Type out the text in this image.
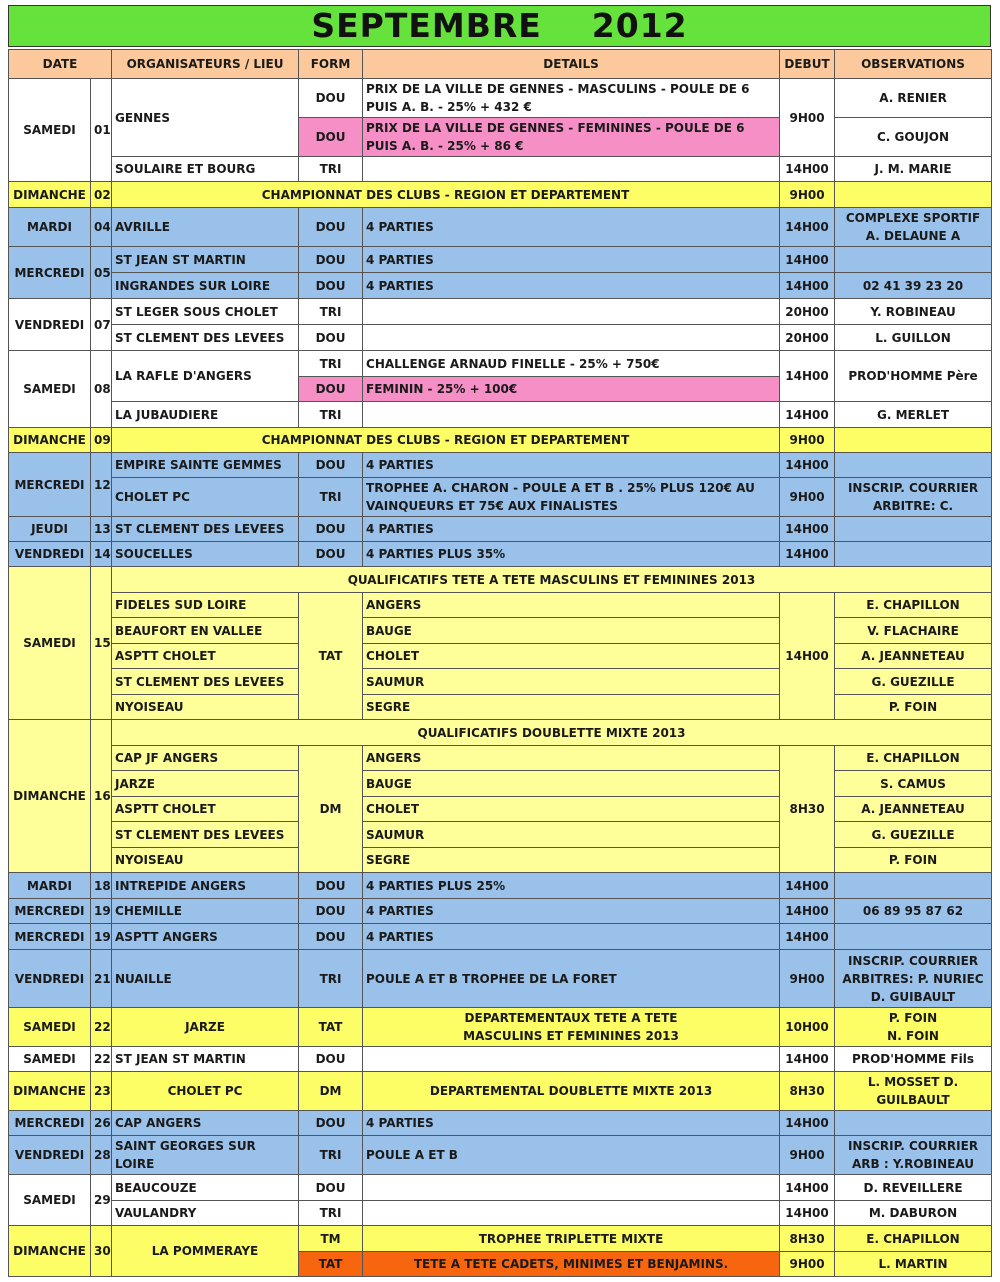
SEPTEMBRE 2012
DATE		ORGANISATEURS / LIEU	FORM	DETAILS	DEBUT	OBSERVATIONS
SAMEDI	01	GENNES	DOU	PRIX DE LA VILLE DE GENNES - MASCULINS - POULE DE 6 PUIS A. B. - 25% + 432 €	9H00	A. RENIER
			DOU	PRIX DE LA VILLE DE GENNES - FEMININES - POULE DE 6 PUIS A. B. - 25% + 86 €		C. GOUJON
		SOULAIRE ET BOURG	TRI		14H00	J. M. MARIE
DIMANCHE	02	CHAMPIONNAT DES CLUBS - REGION ET DEPARTEMENT			9H00	
MARDI	04	AVRILLE	DOU	4 PARTIES	14H00	COMPLEXE SPORTIF A. DELAUNE A
MERCREDI	05	ST JEAN ST MARTIN	DOU	4 PARTIES	14H00	
		INGRANDES SUR LOIRE	DOU	4 PARTIES	14H00	02 41 39 23 20
VENDREDI	07	ST LEGER SOUS CHOLET	TRI		20H00	Y. ROBINEAU
		ST CLEMENT DES LEVEES	DOU		20H00	L. GUILLON
SAMEDI	08	LA RAFLE D'ANGERS	TRI	CHALLENGE ARNAUD FINELLE - 25% + 750€	14H00	PROD'HOMME Père
			DOU	FEMININ - 25% + 100€		
		LA JUBAUDIERE	TRI		14H00	G. MERLET
DIMANCHE	09	CHAMPIONNAT DES CLUBS - REGION ET DEPARTEMENT			9H00	
MERCREDI	12	EMPIRE SAINTE GEMMES	DOU	4 PARTIES	14H00	
		CHOLET PC	TRI	TROPHEE A. CHARON - POULE A ET B . 25% PLUS 120€ AU VAINQUEURS ET 75€ AUX FINALISTES	9H00	INSCRIP. COURRIER ARBITRE: C.
JEUDI	13	ST CLEMENT DES LEVEES	DOU	4 PARTIES	14H00	
VENDREDI	14	SOUCELLES	DOU	4 PARTIES PLUS 35%	14H00	
SAMEDI	15	QUALIFICATIFS TETE A TETE MASCULINS ET FEMININES 2013				
		FIDELES SUD LOIRE	TAT	ANGERS	14H00	E. CHAPILLON
		BEAUFORT EN VALLEE		BAUGE		V. FLACHAIRE
		ASPTT CHOLET		CHOLET		A. JEANNETEAU
		ST CLEMENT DES LEVEES		SAUMUR		G. GUEZILLE
		NYOISEAU		SEGRE		P. FOIN
DIMANCHE	16	QUALIFICATIFS DOUBLETTE MIXTE 2013				
		CAP JF ANGERS	DM	ANGERS	8H30	E. CHAPILLON
		JARZE		BAUGE		S. CAMUS
		ASPTT CHOLET		CHOLET		A. JEANNETEAU
		ST CLEMENT DES LEVEES		SAUMUR		G. GUEZILLE
		NYOISEAU		SEGRE		P. FOIN
MARDI	18	INTREPIDE ANGERS	DOU	4 PARTIES PLUS 25%	14H00	
MERCREDI	19	CHEMILLE	DOU	4 PARTIES	14H00	06 89 95 87 62
MERCREDI	19	ASPTT ANGERS	DOU	4 PARTIES	14H00	
VENDREDI	21	NUAILLE	TRI	POULE A ET B TROPHEE DE LA FORET	9H00	INSCRIP. COURRIER ARBITRES: P. NURIEC D. GUIBAULT
SAMEDI	22	JARZE	TAT	DEPARTEMENTAUX TETE A TETE MASCULINS ET FEMININES 2013	10H00	P. FOIN N. FOIN
SAMEDI	22	ST JEAN ST MARTIN	DOU		14H00	PROD'HOMME Fils
DIMANCHE	23	CHOLET PC	DM	DEPARTEMENTAL DOUBLETTE MIXTE 2013	8H30	L. MOSSET D. GUILBAULT
MERCREDI	26	CAP ANGERS	DOU	4 PARTIES	14H00	
VENDREDI	28	SAINT GEORGES SUR LOIRE	TRI	POULE A ET B	9H00	INSCRIP. COURRIER ARB : Y.ROBINEAU
SAMEDI	29	BEAUCOUZE	DOU		14H00	D. REVEILLERE
		VAULANDRY	TRI		14H00	M. DABURON
DIMANCHE	30	LA POMMERAYE	TM	TROPHEE TRIPLETTE MIXTE	8H30	E. CHAPILLON
			TAT	TETE A TETE CADETS, MINIMES ET BENJAMINS.	9H00	L. MARTIN
